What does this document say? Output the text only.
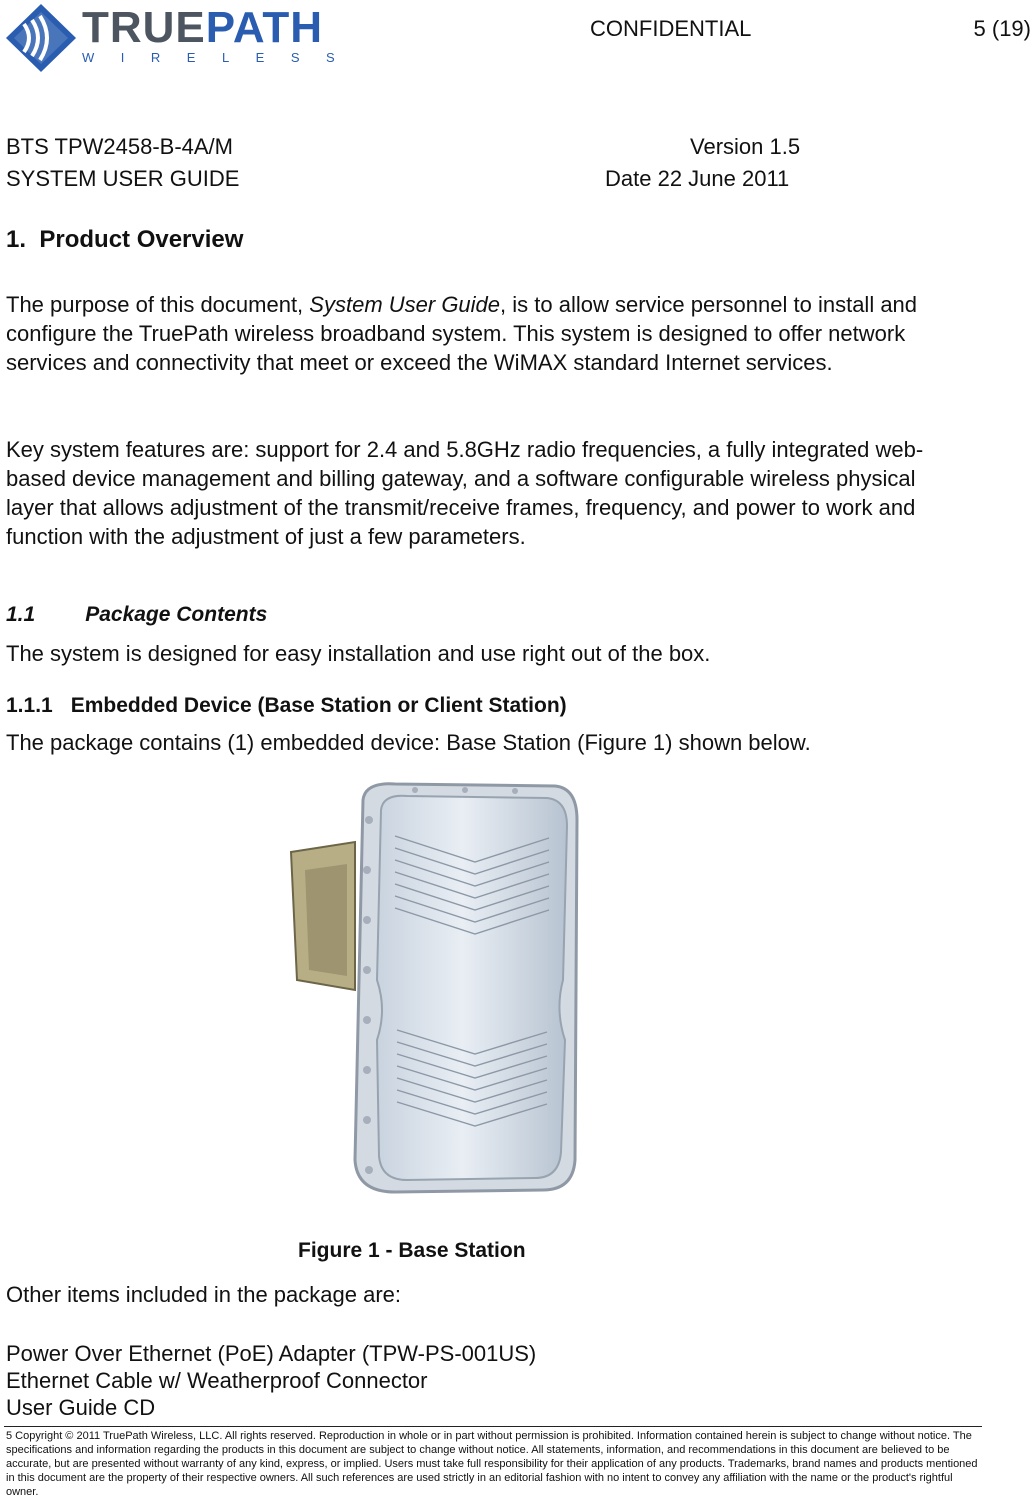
TRUEPATH
WIRELESS
CONFIDENTIAL	5 (19)
BTS TPW2458-B-4A/M	Version 1.5
SYSTEM USER GUIDE	Date 22 June 2011
1. Product Overview
The purpose of this document, System User Guide, is to allow service personnel to install and configure the TruePath wireless broadband system. This system is designed to offer network services and connectivity that meet or exceed the WiMAX standard Internet services.
Key system features are: support for 2.4 and 5.8GHz radio frequencies, a fully integrated web-based device management and billing gateway, and a software configurable wireless physical layer that allows adjustment of the transmit/receive frames, frequency, and power to work and function with the adjustment of just a few parameters.
1.1 Package Contents
The system is designed for easy installation and use right out of the box.
1.1.1 Embedded Device (Base Station or Client Station)
The package contains (1) embedded device: Base Station (Figure 1) shown below.
Figure 1 - Base Station
Other items included in the package are:
Power Over Ethernet (PoE) Adapter (TPW-PS-001US)
Ethernet Cable w/ Weatherproof Connector
User Guide CD
5 Copyright © 2011 TruePath Wireless, LLC. All rights reserved. Reproduction in whole or in part without permission is prohibited. Information contained herein is subject to change without notice. The specifications and information regarding the products in this document are subject to change without notice. All statements, information, and recommendations in this document are believed to be accurate, but are presented without warranty of any kind, express, or implied. Users must take full responsibility for their application of any products. Trademarks, brand names and products mentioned in this document are the property of their respective owners. All such references are used strictly in an editorial fashion with no intent to convey any affiliation with the name or the product's rightful owner.
